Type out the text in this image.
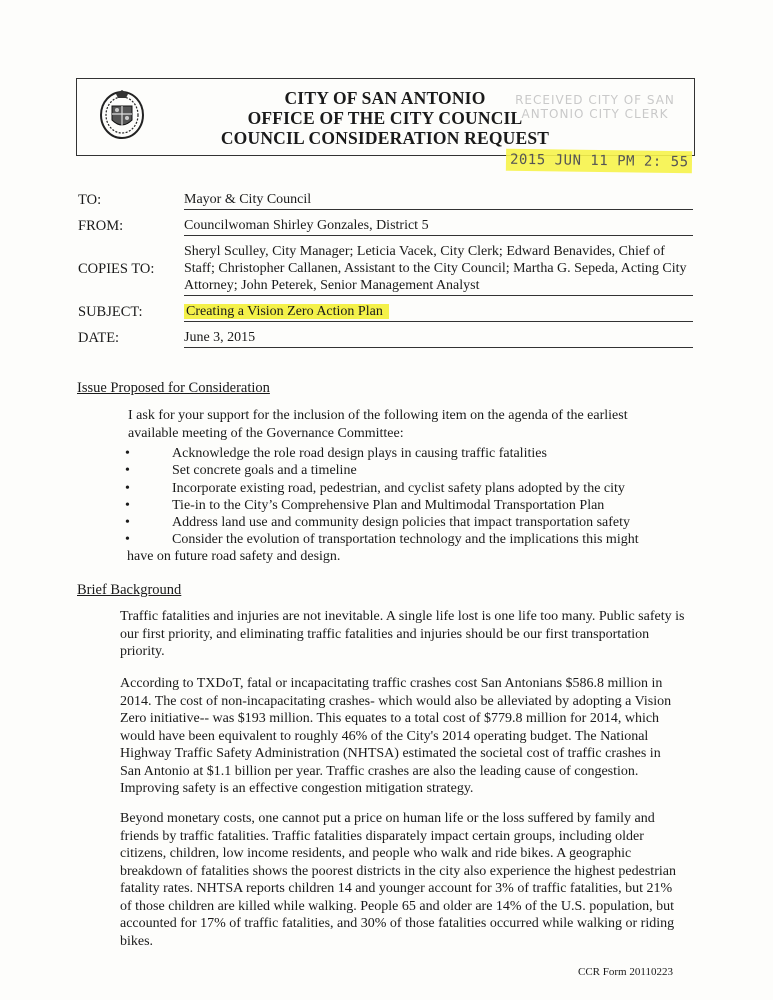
CITY OF SAN ANTONIO
OFFICE OF THE CITY COUNCIL
COUNCIL CONSIDERATION REQUEST
RECEIVED CITY OF SAN ANTONIO CITY CLERK
2015 JUN 11 PM 2: 55
TO:	Mayor & City Council
FROM:	Councilwoman Shirley Gonzales, District 5
COPIES TO:
Sheryl Sculley, City Manager; Leticia Vacek, City Clerk; Edward Benavides, Chief of Staff; Christopher Callanen, Assistant to the City Council; Martha G. Sepeda, Acting City Attorney; John Peterek, Senior Management Analyst
SUBJECT:	Creating a Vision Zero Action Plan
DATE:	June 3, 2015
Issue Proposed for Consideration

I ask for your support for the inclusion of the following item on the agenda of the earliest available meeting of the Governance Committee:

•	Acknowledge the role road design plays in causing traffic fatalities
•	Set concrete goals and a timeline
•	Incorporate existing road, pedestrian, and cyclist safety plans adopted by the city
•	Tie-in to the City’s Comprehensive Plan and Multimodal Transportation Plan
•	Address land use and community design policies that impact transportation safety
•	Consider the evolution of transportation technology and the implications this might
have on future road safety and design.
Brief Background

Traffic fatalities and injuries are not inevitable. A single life lost is one life too many. Public safety is our first priority, and eliminating traffic fatalities and injuries should be our first transportation priority.

According to TXDoT, fatal or incapacitating traffic crashes cost San Antonians $586.8 million in 2014. The cost of non-incapacitating crashes- which would also be alleviated by adopting a Vision Zero initiative-- was $193 million. This equates to a total cost of $779.8 million for 2014, which would have been equivalent to roughly 46% of the City's 2014 operating budget. The National Highway Traffic Safety Administration (NHTSA) estimated the societal cost of traffic crashes in San Antonio at $1.1 billion per year. Traffic crashes are also the leading cause of congestion. Improving safety is an effective congestion mitigation strategy.

Beyond monetary costs, one cannot put a price on human life or the loss suffered by family and friends by traffic fatalities. Traffic fatalities disparately impact certain groups, including older citizens, children, low income residents, and people who walk and ride bikes. A geographic breakdown of fatalities shows the poorest districts in the city also experience the highest pedestrian fatality rates. NHTSA reports children 14 and younger account for 3% of traffic fatalities, but 21% of those children are killed while walking. People 65 and older are 14% of the U.S. population, but accounted for 17% of traffic fatalities, and 30% of those fatalities occurred while walking or riding bikes.

CCR Form 20110223
